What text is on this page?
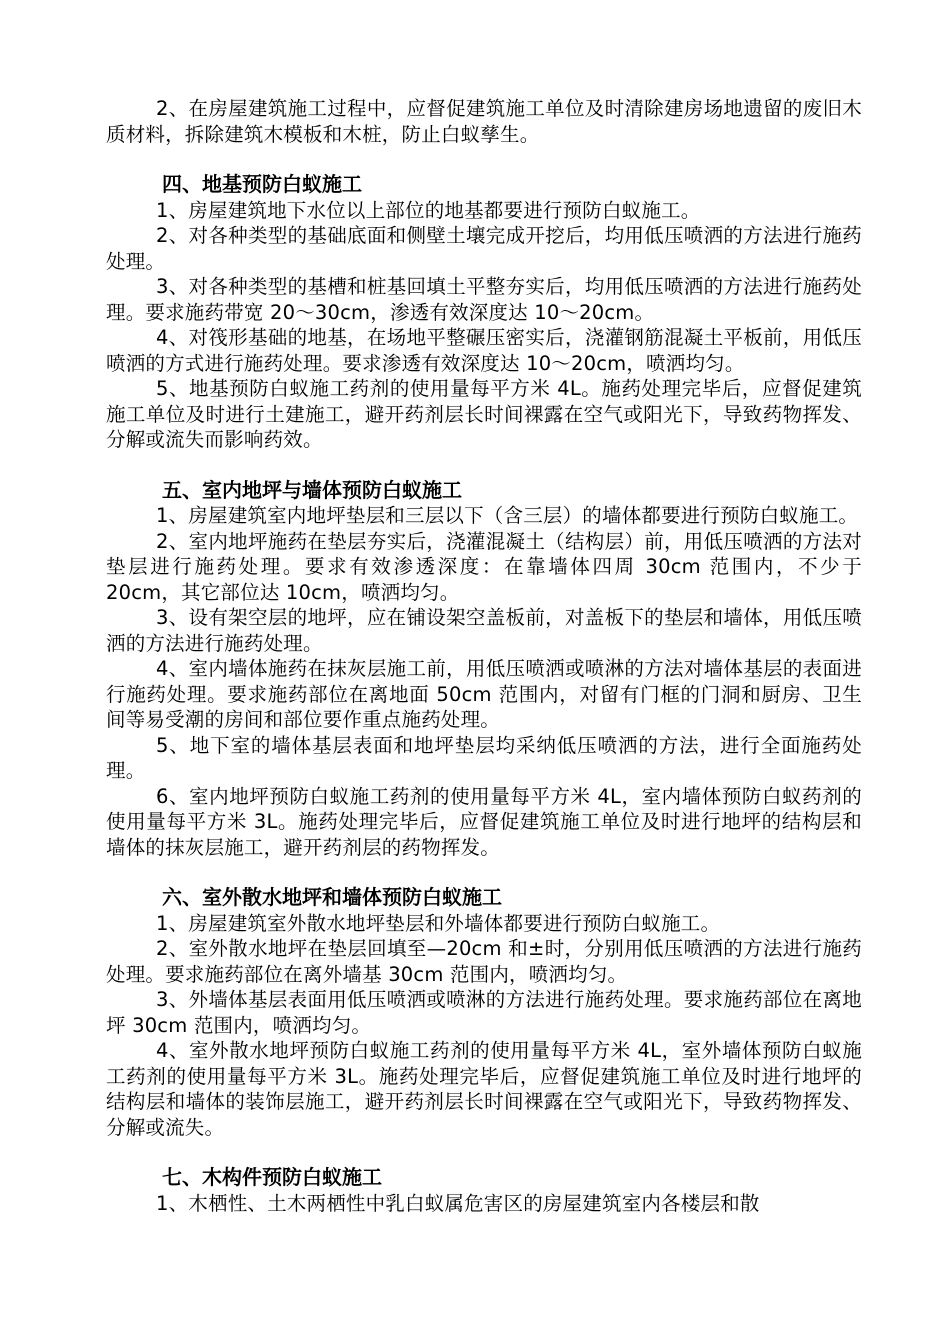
2、在房屋建筑施工过程中，应督促建筑施工单位及时清除建房场地遗留的废旧木质材料，拆除建筑木模板和木桩，防止白蚁孳生。

四、地基预防白蚁施工

1、房屋建筑地下水位以上部位的地基都要进行预防白蚁施工。

2、对各种类型的基础底面和侧壁土壤完成开挖后，均用低压喷洒的方法进行施药处理。

3、对各种类型的基槽和桩基回填土平整夯实后，均用低压喷洒的方法进行施药处理。要求施药带宽 20～30cm，渗透有效深度达 10～20cm。

4、对筏形基础的地基，在场地平整碾压密实后，浇灌钢筋混凝土平板前，用低压喷洒的方式进行施药处理。要求渗透有效深度达 10～20cm，喷洒均匀。

5、地基预防白蚁施工药剂的使用量每平方米 4L。施药处理完毕后，应督促建筑施工单位及时进行土建施工，避开药剂层长时间裸露在空气或阳光下，导致药物挥发、分解或流失而影响药效。

五、室内地坪与墙体预防白蚁施工

1、房屋建筑室内地坪垫层和三层以下（含三层）的墙体都要进行预防白蚁施工。

2、室内地坪施药在垫层夯实后，浇灌混凝土（结构层）前，用低压喷洒的方法对垫层进行施药处理。要求有效渗透深度：在靠墙体四周 30cm 范围内，不少于 20cm，其它部位达 10cm，喷洒均匀。

3、设有架空层的地坪，应在铺设架空盖板前，对盖板下的垫层和墙体，用低压喷洒的方法进行施药处理。

4、室内墙体施药在抹灰层施工前，用低压喷洒或喷淋的方法对墙体基层的表面进行施药处理。要求施药部位在离地面 50cm 范围内，对留有门框的门洞和厨房、卫生间等易受潮的房间和部位要作重点施药处理。

5、地下室的墙体基层表面和地坪垫层均采纳低压喷洒的方法，进行全面施药处理。

6、室内地坪预防白蚁施工药剂的使用量每平方米 4L，室内墙体预防白蚁药剂的使用量每平方米 3L。施药处理完毕后，应督促建筑施工单位及时进行地坪的结构层和墙体的抹灰层施工，避开药剂层的药物挥发。

六、室外散水地坪和墙体预防白蚁施工

1、房屋建筑室外散水地坪垫层和外墙体都要进行预防白蚁施工。

2、室外散水地坪在垫层回填至—20cm 和±时，分别用低压喷洒的方法进行施药处理。要求施药部位在离外墙基 30cm 范围内，喷洒均匀。

3、外墙体基层表面用低压喷洒或喷淋的方法进行施药处理。要求施药部位在离地坪 30cm 范围内，喷洒均匀。

4、室外散水地坪预防白蚁施工药剂的使用量每平方米 4L，室外墙体预防白蚁施工药剂的使用量每平方米 3L。施药处理完毕后，应督促建筑施工单位及时进行地坪的结构层和墙体的装饰层施工，避开药剂层长时间裸露在空气或阳光下，导致药物挥发、分解或流失。

七、木构件预防白蚁施工

1、木栖性、土木两栖性中乳白蚁属危害区的房屋建筑室内各楼层和散
